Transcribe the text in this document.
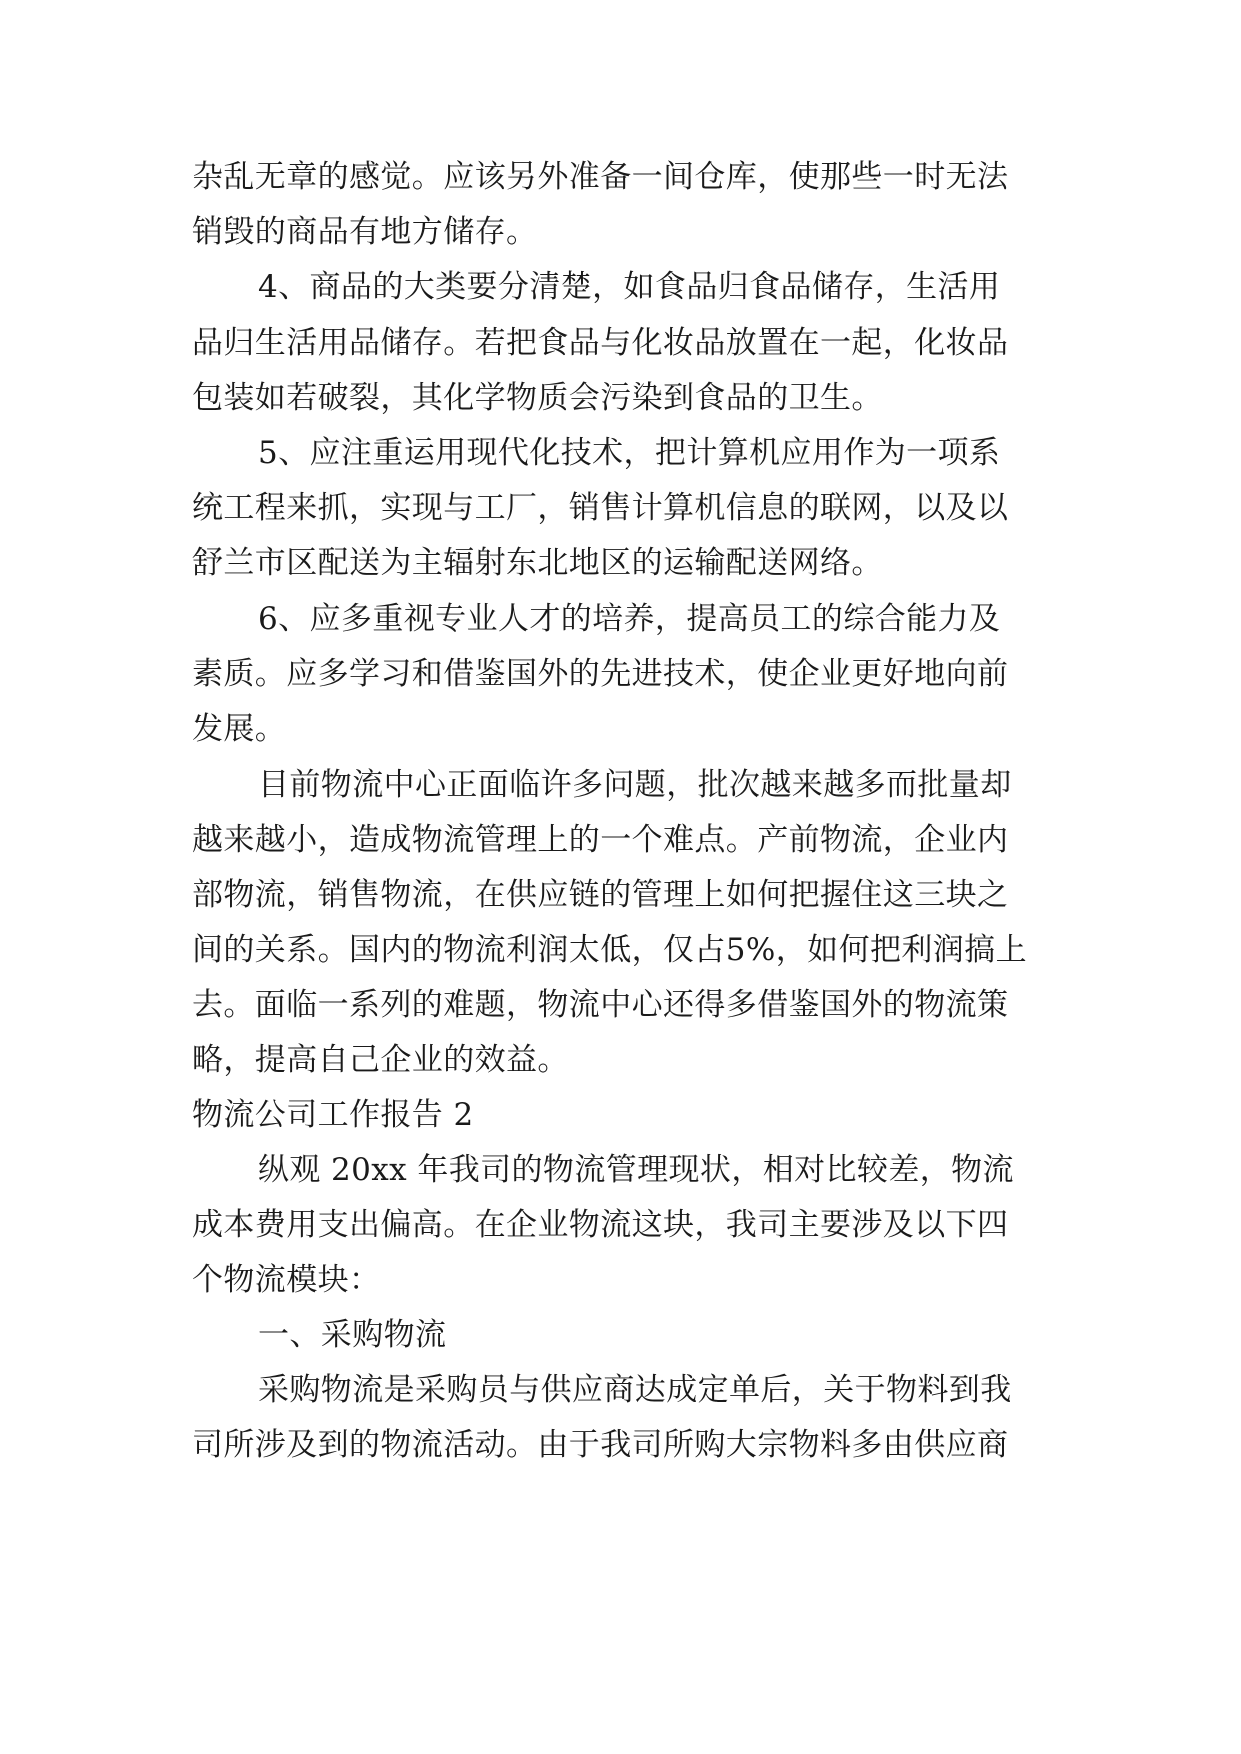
杂乱无章的感觉。应该另外准备一间仓库，使那些一时无法
销毁的商品有地方储存。
4、商品的大类要分清楚，如食品归食品储存，生活用
品归生活用品储存。若把食品与化妆品放置在一起，化妆品
包装如若破裂，其化学物质会污染到食品的卫生。
5、应注重运用现代化技术，把计算机应用作为一项系
统工程来抓，实现与工厂，销售计算机信息的联网，以及以
舒兰市区配送为主辐射东北地区的运输配送网络。
6、应多重视专业人才的培养，提高员工的综合能力及
素质。应多学习和借鉴国外的先进技术，使企业更好地向前
发展。
目前物流中心正面临许多问题，批次越来越多而批量却
越来越小，造成物流管理上的一个难点。产前物流，企业内
部物流，销售物流，在供应链的管理上如何把握住这三块之
间的关系。国内的物流利润太低，仅占5%，如何把利润搞上
去。面临一系列的难题，物流中心还得多借鉴国外的物流策
略，提高自己企业的效益。
物流公司工作报告 2
纵观 20xx 年我司的物流管理现状，相对比较差，物流
成本费用支出偏高。在企业物流这块，我司主要涉及以下四
个物流模块：
一、采购物流
采购物流是采购员与供应商达成定单后，关于物料到我
司所涉及到的物流活动。由于我司所购大宗物料多由供应商
